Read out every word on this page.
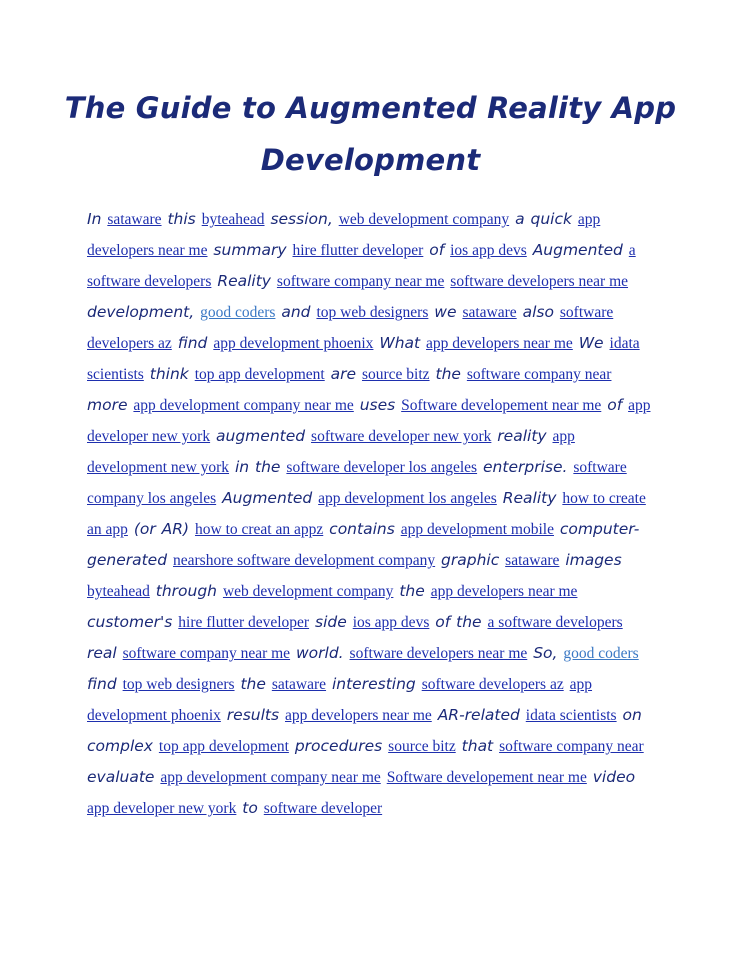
The Guide to Augmented Reality App
Development

In sataware this byteahead session, web development company a quick app developers near me summary hire flutter developer of ios app devs Augmented a software developers Reality software company near me software developers near me development, good coders and top web designers we sataware also software developers az find app development phoenix What app developers near me We idata scientists think top app development are source bitz the software company near more app development company near me uses Software developement near me of app developer new york augmented software developer new york reality app development new york in the software developer los angeles enterprise. software company los angeles Augmented app development los angeles Reality how to create an app (or AR) how to creat an appz contains app development mobile computer-generated nearshore software development company graphic sataware images byteahead through web development company the app developers near me customer's hire flutter developer side ios app devs of the a software developers real software company near me world. software developers near me So, good coders find top web designers the sataware interesting software developers az app development phoenix results app developers near me AR-related idata scientists on complex top app development procedures source bitz that software company near evaluate app development company near me Software developement near me video app developer new york to software developer
